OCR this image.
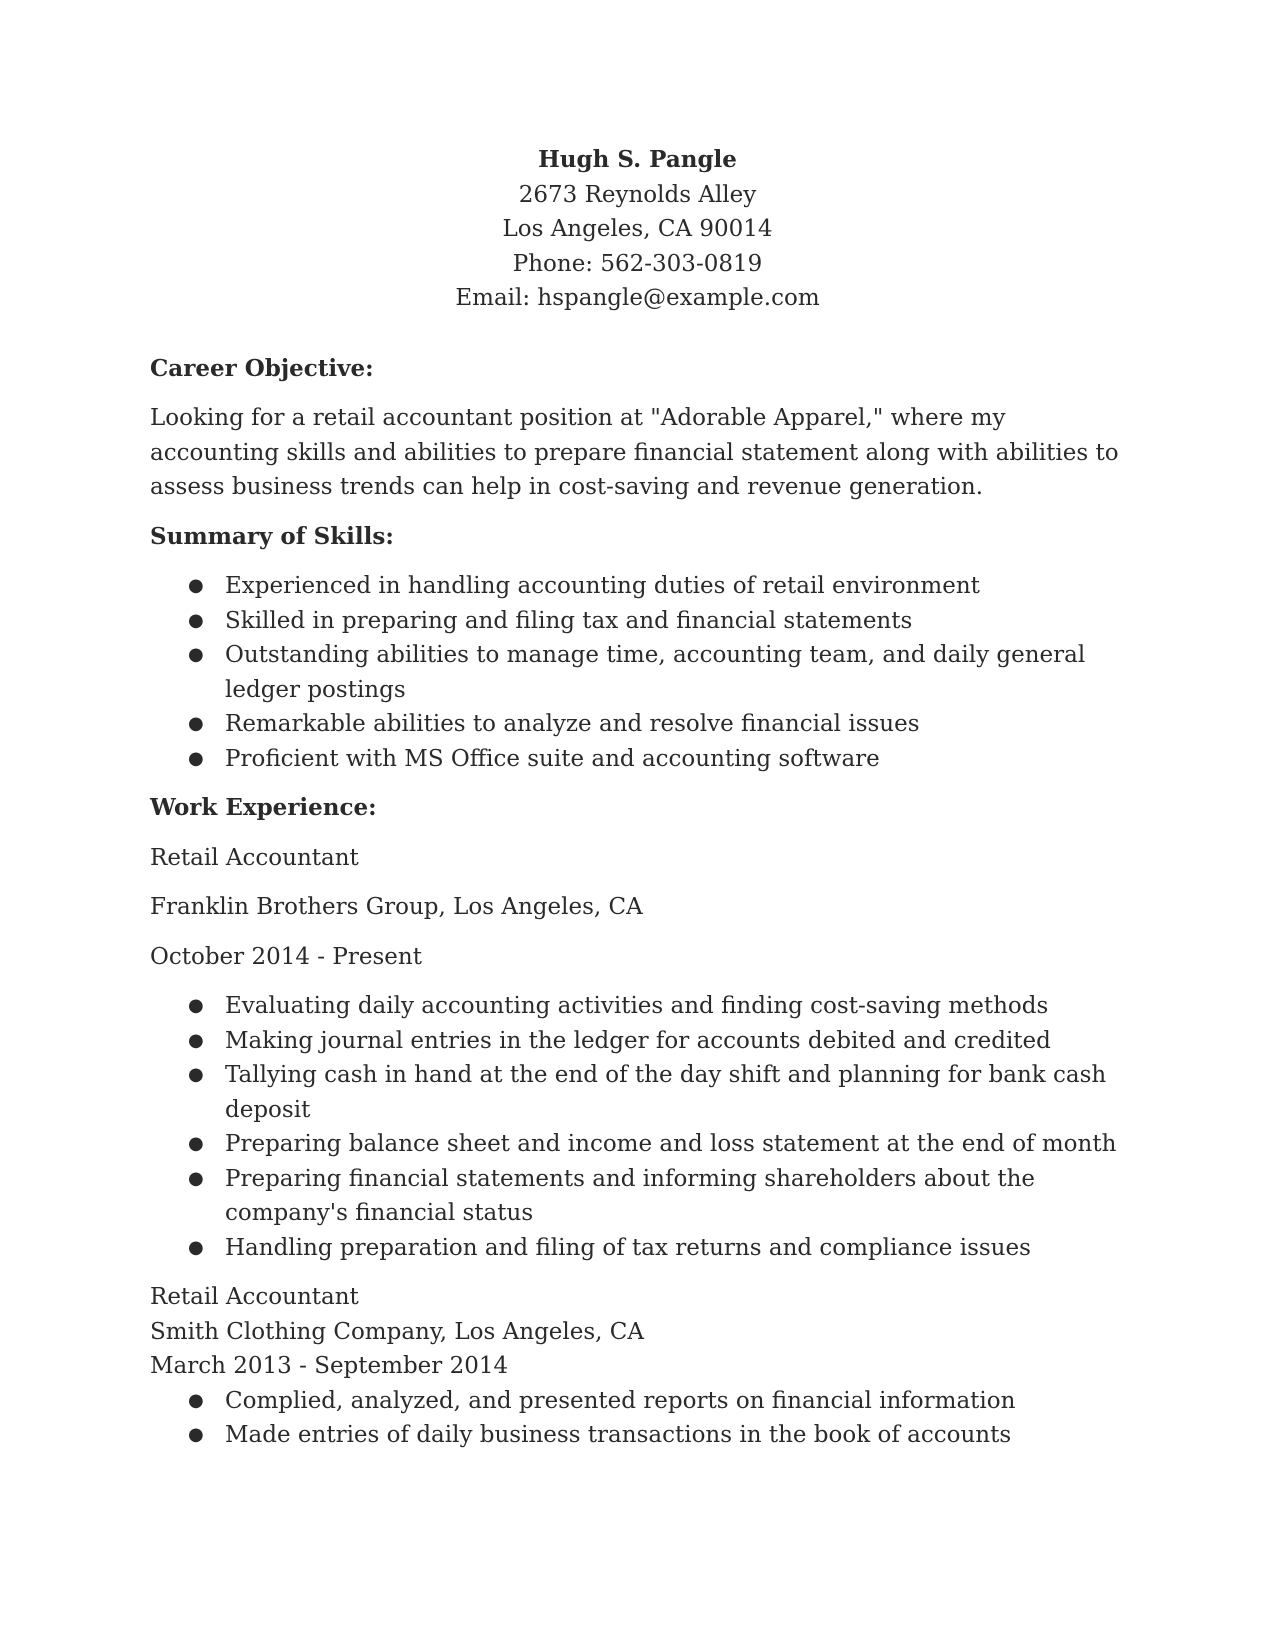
Hugh S. Pangle
2673 Reynolds Alley
Los Angeles, CA 90014
Phone: 562-303-0819
Email: hspangle@example.com
Career Objective:
Looking for a retail accountant position at "Adorable Apparel," where my accounting skills and abilities to prepare financial statement along with abilities to assess business trends can help in cost-saving and revenue generation.
Summary of Skills:
● Experienced in handling accounting duties of retail environment
● Skilled in preparing and filing tax and financial statements
● Outstanding abilities to manage time, accounting team, and daily general ledger postings
● Remarkable abilities to analyze and resolve financial issues
● Proficient with MS Office suite and accounting software
Work Experience:
Retail Accountant
Franklin Brothers Group, Los Angeles, CA
October 2014 - Present
● Evaluating daily accounting activities and finding cost-saving methods
● Making journal entries in the ledger for accounts debited and credited
● Tallying cash in hand at the end of the day shift and planning for bank cash deposit
● Preparing balance sheet and income and loss statement at the end of month
● Preparing financial statements and informing shareholders about the company's financial status
● Handling preparation and filing of tax returns and compliance issues
Retail Accountant
Smith Clothing Company, Los Angeles, CA
March 2013 - September 2014
● Complied, analyzed, and presented reports on financial information
● Made entries of daily business transactions in the book of accounts
